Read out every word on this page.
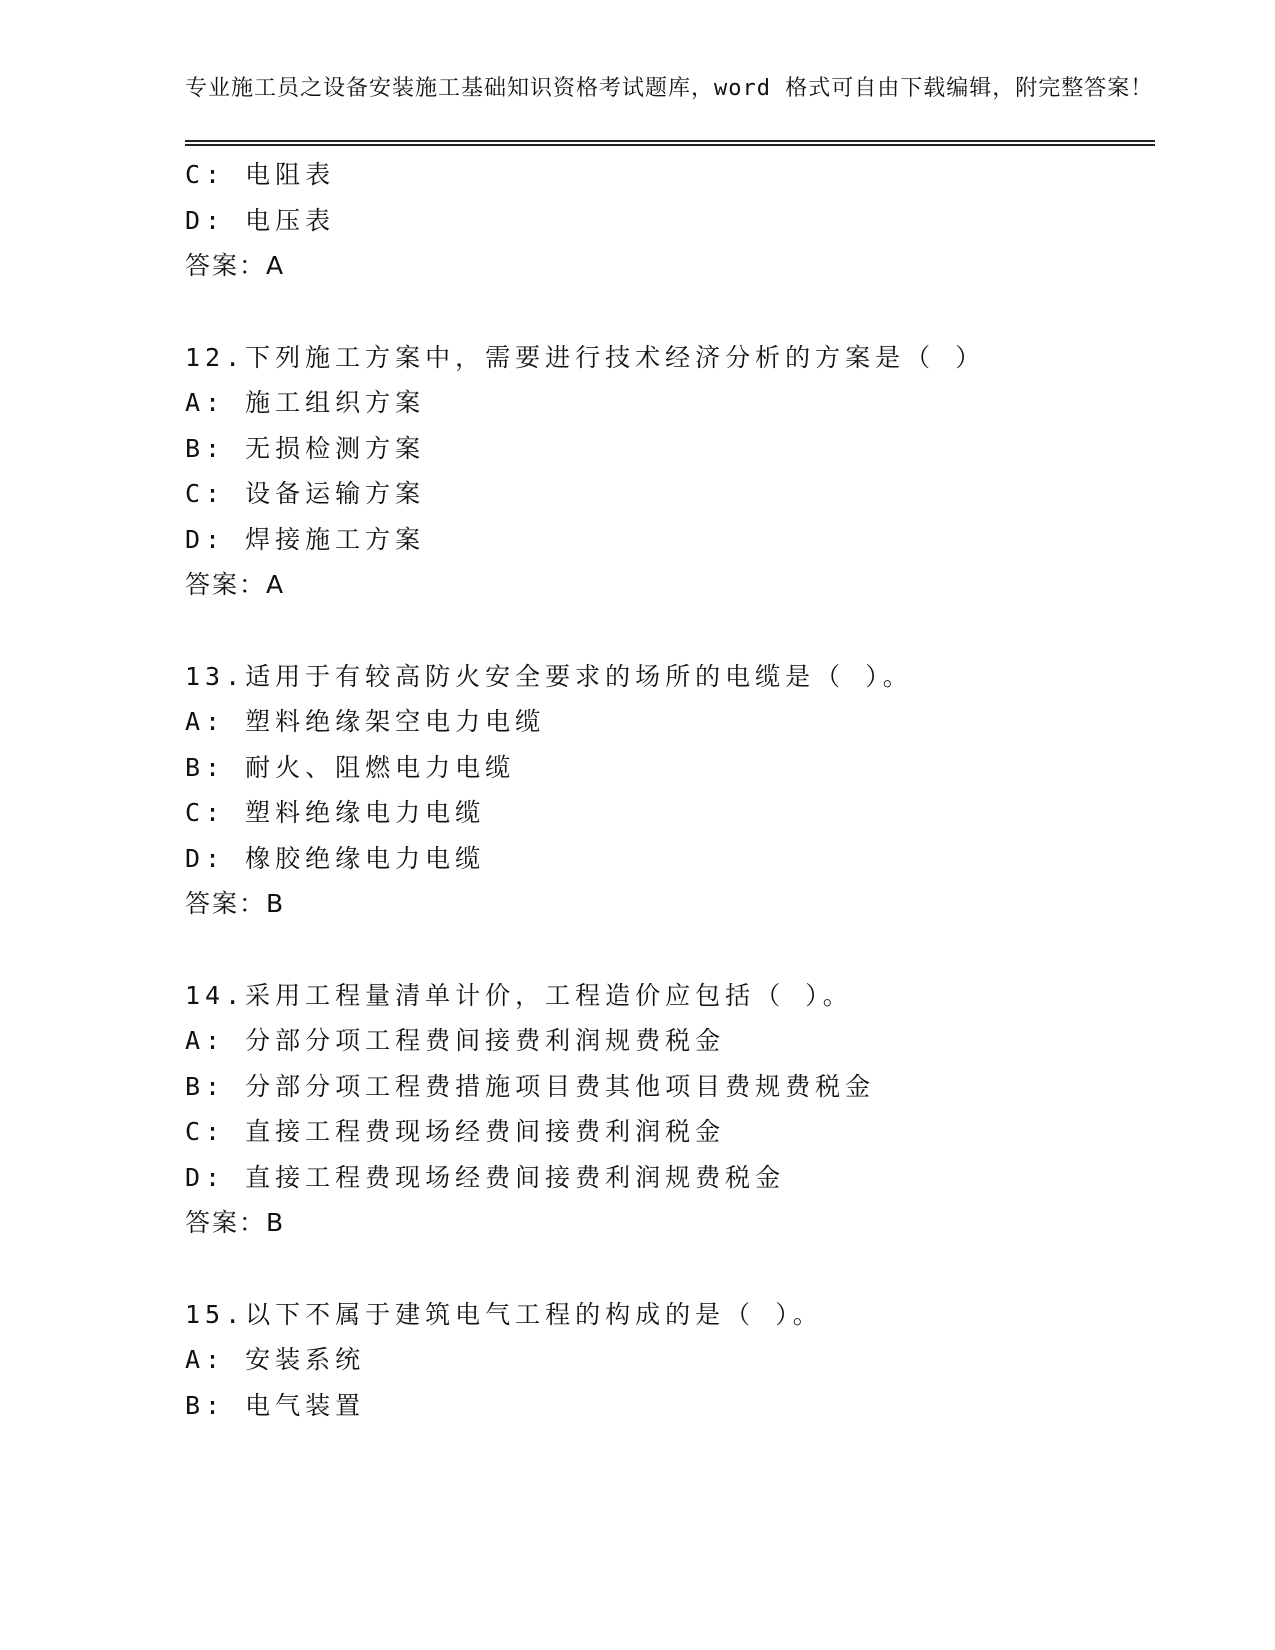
专业施工员之设备安装施工基础知识资格考试题库，word 格式可自由下载编辑，附完整答案！
C: 电阻表
D: 电压表
答案：A
12.下列施工方案中，需要进行技术经济分析的方案是（ ）
A: 施工组织方案
B: 无损检测方案
C: 设备运输方案
D: 焊接施工方案
答案：A
13.适用于有较高防火安全要求的场所的电缆是（ ）。
A: 塑料绝缘架空电力电缆
B: 耐火、阻燃电力电缆
C: 塑料绝缘电力电缆
D: 橡胶绝缘电力电缆
答案：B
14.采用工程量清单计价，工程造价应包括（ ）。
A: 分部分项工程费间接费利润规费税金
B: 分部分项工程费措施项目费其他项目费规费税金
C: 直接工程费现场经费间接费利润税金
D: 直接工程费现场经费间接费利润规费税金
答案：B
15.以下不属于建筑电气工程的构成的是（ ）。
A: 安装系统
B: 电气装置
